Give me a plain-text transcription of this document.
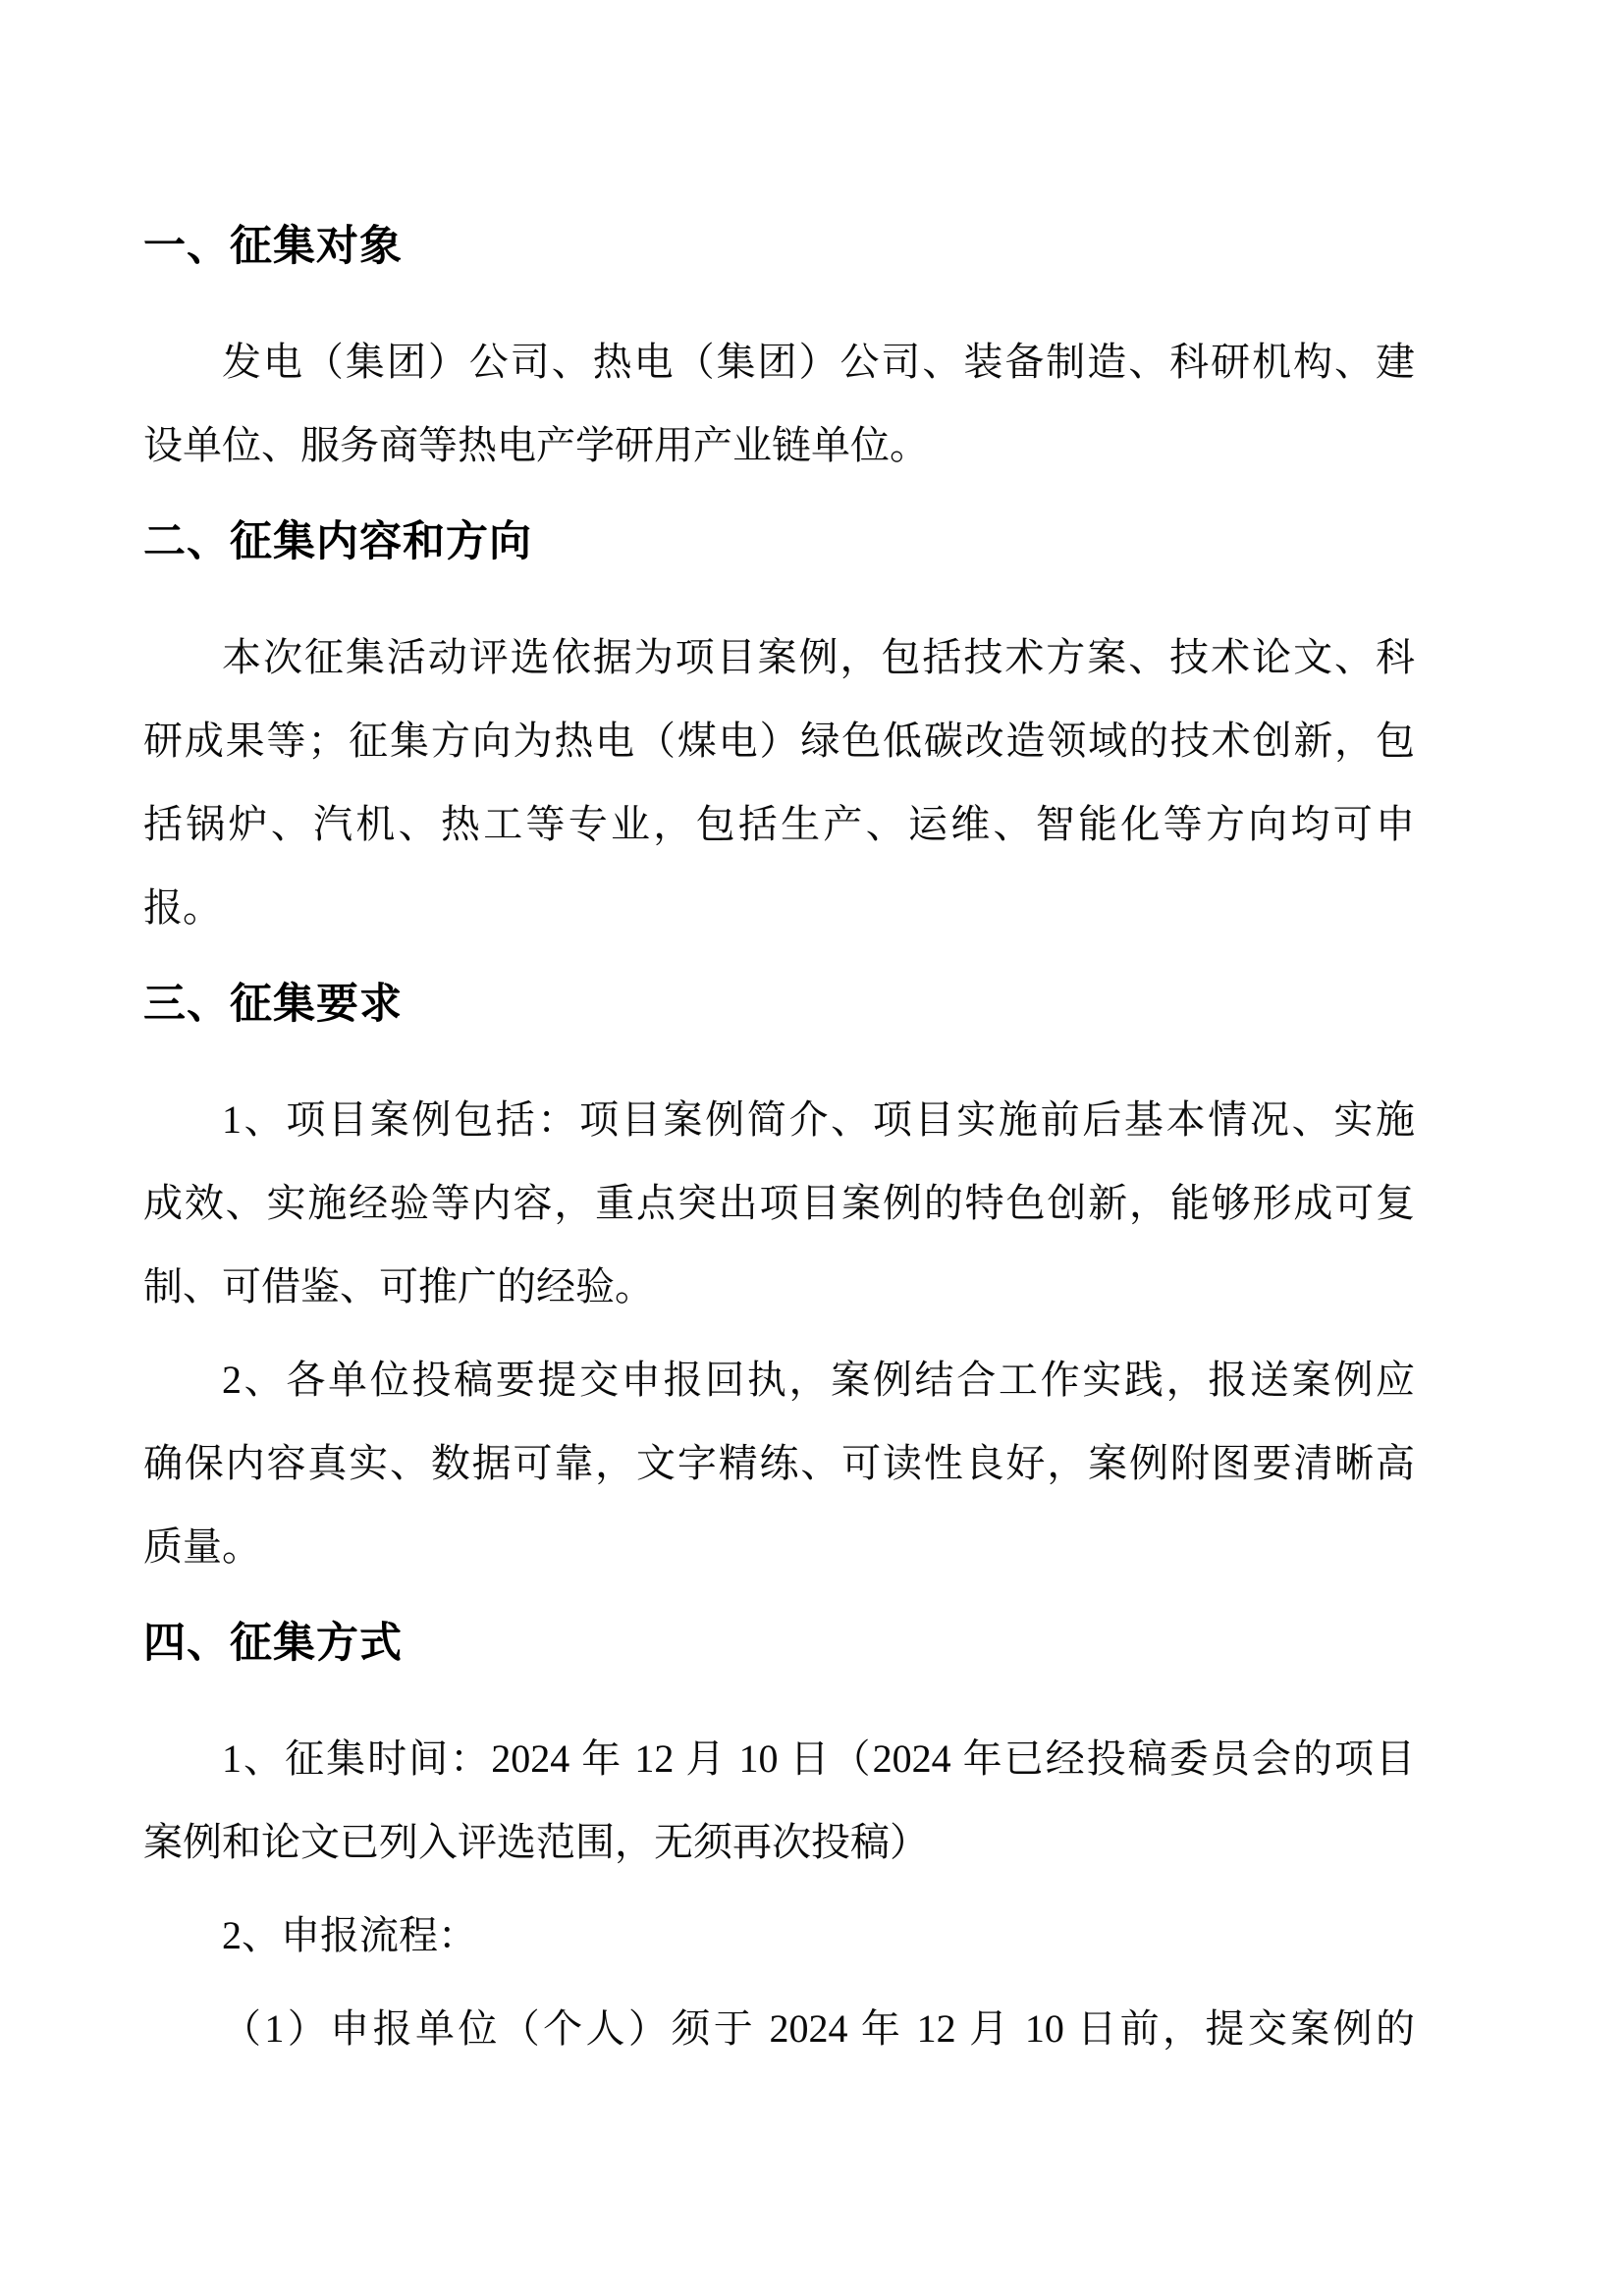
一、征集对象
发电（集团）公司、热电（集团）公司、装备制造、科研机构、建
设单位、服务商等热电产学研用产业链单位。
二、征集内容和方向
本次征集活动评选依据为项目案例，包括技术方案、技术论文、科
研成果等；征集方向为热电（煤电）绿色低碳改造领域的技术创新，包
括锅炉、汽机、热工等专业，包括生产、运维、智能化等方向均可申
报。
三、征集要求
1、项目案例包括：项目案例简介、项目实施前后基本情况、实施
成效、实施经验等内容，重点突出项目案例的特色创新，能够形成可复
制、可借鉴、可推广的经验。
2、各单位投稿要提交申报回执，案例结合工作实践，报送案例应
确保内容真实、数据可靠，文字精练、可读性良好，案例附图要清晰高
质量。
四、征集方式
1、征集时间：2024 年 12 月 10 日（2024 年已经投稿委员会的项目
案例和论文已列入评选范围，无须再次投稿）
2、申报流程：
（1）申报单位（个人）须于 2024 年 12 月 10 日前，提交案例的
